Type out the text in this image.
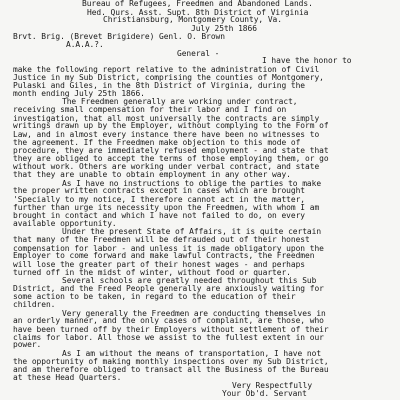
Bureau of Refugees, Freedmen and Abandoned Lands.
Hed. Qurs. Asst. Supt. 8th District of Virginia
Christiansburg, Montgomery County, Va.
July 25th 1866
Brvt. Brig. (Brevet Brigidere) Genl. O. Brown
A.A.A.?.
General -
I have the honor to
make the following report relative to the administration of Civil
Justice in my Sub District, comprising the counties of Montgomery,
Pulaski and Giles, in the 8th District of Virginia, during the
month ending July 25th 1866.
The Freedmen generally are working under contract,
receiving small compensation for their labor and I find on
investigation, that all most universally the contracts are simply
writings drawn up by the Employer, without complying to the Form of
Law, and in almost every instance there have been no witnesses to
the agreement. If the Freedmen make objection to this mode of
procedure, they are immediately refused employment - and state that
they are obliged to accept the terms of those employing them, or go
without work. Others are working under verbal contract, and state
that they are unable to obtain employment in any other way.
As I have no instructions to oblige the parties to make
the proper written contracts except in cases which are brought
'Specially to my notice, I therefore cannot act in the matter,
further than urge its necessity upon the Freedmen, with whom I am
brought in contact and which I have not failed to do, on every
available opportunity.
Under the present State of Affairs, it is quite certain
that many of the Freedmen will be defrauded out of their honest
compensation for labor - and unless it is made obligatory upon the
Employer to come forward and make lawful Contracts, the Freedmen
will lose the greater part of their honest wages - and perhaps
turned off in the midst of winter, without food or quarter.
Several schools are greatly needed throughout this Sub
District, and the Freed People generally are anxiously waiting for
some action to be taken, in regard to the education of their
children.
Very generally the Freedmen are conducting themselves in
an orderly manner, and the only cases of complaint, are those, who
have been turned off by their Employers without settlement of their
claims for labor. All those we assist to the fullest extent in our
power.
As I am without the means of transportation, I have not
the opportunity of making monthly inspections over my Sub District,
and am therefore obliged to transact all the Business of the Bureau
at these Head Quarters.
Very Respectfully
Your Ob'd. Servant
